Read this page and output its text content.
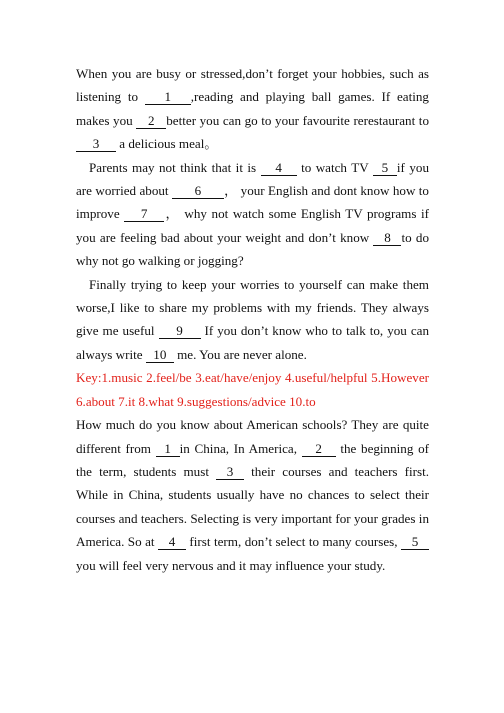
When you are busy or stressed,don’t forget your hobbies, such as listening to 1 ,reading and playing ball games. If eating makes you 2 better you can go to your favourite rerestaurant to 3 a delicious meal。

Parents may not think that it is 4 to watch TV 5 if you are worried about 6 ， your English and dont know how to improve 7 ， why not watch some English TV programs if you are feeling bad about your weight and don’t know 8 to do why not go walking or jogging?

Finally trying to keep your worries to yourself can make them worse,I like to share my problems with my friends. They always give me useful 9 If you don’t know who to talk to, you can always write 10 me. You are never alone.

Key:1.music 2.feel/be 3.eat/have/enjoy 4.useful/helpful 5.However 6.about 7.it 8.what 9.suggestions/advice 10.to

How much do you know about American schools? They are quite different from 1 in China, In America, 2 the beginning of the term, students must 3 their courses and teachers first. While in China, students usually have no chances to select their courses and teachers. Selecting is very important for your grades in America. So at 4 first term, don’t select to many courses, 5 you will feel very nervous and it may influence your study.
